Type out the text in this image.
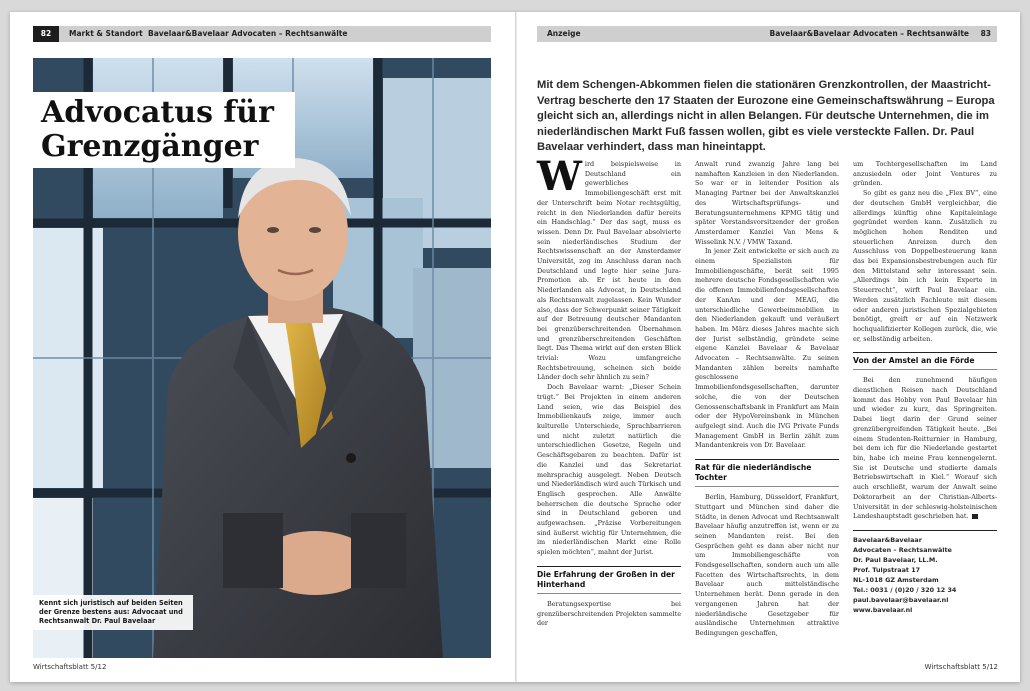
82	Markt & Standort Bavelaar&Bavelaar Advocaten – Rechtsanwälte
Advocatus für
Grenzgänger
Kennt sich juristisch auf beiden Seiten der Grenze bestens aus: Advocaat und Rechtsanwalt Dr. Paul Bavelaar
Wirtschaftsblatt 5/12
Anzeige	Bavelaar&Bavelaar Advocaten – Rechtsanwälte 83
Mit dem Schengen-Abkommen fielen die stationären Grenzkontrollen, der Maastricht-Vertrag bescherte den 17 Staaten der Eurozone eine Gemeinschaftswährung – Europa gleicht sich an, allerdings nicht in allen Belangen. Für deutsche Unternehmen, die im niederländischen Markt Fuß fassen wollen, gibt es viele versteckte Fallen. Dr. Paul Bavelaar verhindert, dass man hineintappt.

Wird beispielsweise in Deutschland ein gewerbliches Immobiliengeschäft erst mit der Unterschrift beim Notar rechtsgültig, reicht in den Niederlanden dafür bereits ein Handschlag.“ Der das sagt, muss es wissen. Denn Dr. Paul Bavelaar absolvierte sein niederländisches Studium der Rechtswissenschaft an der Amsterdamer Universität, zog im Anschluss daran nach Deutschland und legte hier seine Jura-Promotion ab. Er ist heute in den Niederlanden als Advocat, in Deutschland als Rechtsanwalt zugelassen. Kein Wunder also, dass der Schwerpunkt seiner Tätigkeit auf der Betreuung deutscher Mandanten bei grenzüberschreitenden Übernahmen und grenzüberschreitenden Geschäften liegt. Das Thema wirkt auf den ersten Blick trivial: Wozu umfangreiche Rechtsbetreuung, scheinen sich beide Länder doch sehr ähnlich zu sein?

Doch Bavelaar warnt: „Dieser Schein trügt.“ Bei Projekten in einem anderen Land seien, wie das Beispiel des Immobilienkaufs zeige, immer auch kulturelle Unterschiede, Sprachbarrieren und nicht zuletzt natürlich die unterschiedlichen Gesetze, Regeln und Geschäftsgebaren zu beachten. Dafür ist die Kanzlei und das Sekretariat mehrsprachig ausgelegt. Neben Deutsch und Niederländisch wird auch Türkisch und Englisch gesprochen. Alle Anwälte beherrschen die deutsche Sprache oder sind in Deutschland geboren und aufgewachsen. „Präzise Vorbereitungen sind äußerst wichtig für Unternehmen, die im niederländischen Markt eine Rolle spielen möchten“, mahnt der Jurist.

Die Erfahrung der Großen in der Hinterhand

Beratungsexpertise bei grenzüberschreitenden Projekten sammelte der

Anwalt rund zwanzig Jahre lang bei namhaften Kanzleien in den Niederlanden. So war er in leitender Position als Managing Partner bei der Anwaltskanzlei des Wirtschaftsprüfungs- und Beratungsunternehmens KPMG tätig und später Vorstandsvorsitzender der großen Amsterdamer Kanzlei Van Mens & Wisselink N.V. / VMW Taxand.

In jener Zeit entwickelte er sich auch zu einem Spezialisten für Immobiliengeschäfte, berät seit 1995 mehrere deutsche Fondsgesellschaften wie die offenen Immobilienfondsgesellschaften der KanAm und der MEAG, die unterschiedliche Gewerbeimmobilien in den Niederlanden gekauft und veräußert haben. Im März dieses Jahres machte sich der Jurist selbständig, gründete seine eigene Kanzlei Bavelaar & Bavelaar Advocaten – Rechtsanwälte. Zu seinen Mandanten zählen bereits namhafte geschlossene Immobilienfondsgesellschaften, darunter solche, die von der Deutschen Genossenschaftsbank in Frankfurt am Main oder der HypoVereinsbank in München aufgelegt sind. Auch die IVG Private Funds Management GmbH in Berlin zählt zum Mandantenkreis von Dr. Bavelaar.

Rat für die niederländische Tochter

Berlin, Hamburg, Düsseldorf, Frankfurt, Stuttgart und München sind daher die Städte, in denen Advocat und Rechtsanwalt Bavelaar häufig anzutreffen ist, wenn er zu seinen Mandanten reist. Bei den Gesprächen geht es dann aber nicht nur um Immobiliengeschäfte von Fondsgesellschaften, sondern auch um alle Facetten des Wirtschaftsrechts, in dem Bavelaar auch mittelständische Unternehmen berät. Denn gerade in den vergangenen Jahren hat der niederländische Gesetzgeber für ausländische Unternehmen attraktive Bedingungen geschaffen,

um Tochtergesellschaften im Land anzusiedeln oder Joint Ventures zu gründen.

So gibt es ganz neu die „Flex BV“, eine der deutschen GmbH vergleichbar, die allerdings künftig ohne Kapitaleinlage gegründet werden kann. Zusätzlich zu möglichen hohen Renditen und steuerlichen Anreizen durch den Ausschluss von Doppelbesteuerung kann das bei Expansionsbestrebungen auch für den Mittelstand sehr interessant sein. „Allerdings bin ich kein Experte in Steuerrecht“, wirft Paul Bavelaar ein. Werden zusätzlich Fachleute mit diesem oder anderen juristischen Spezialgebieten benötigt, greift er auf ein Netzwerk hochqualifizierter Kollegen zurück, die, wie er, selbständig arbeiten.

Von der Amstel an die Förde

Bei den zunehmend häufigen dienstlichen Reisen nach Deutschland kommt das Hobby von Paul Bavelaar hin und wieder zu kurz, das Springreiten. Dabei liegt darin der Grund seiner grenzübergreifenden Tätigkeit heute. „Bei einem Studenten-Reitturnier in Hamburg, bei dem ich für die Niederlande gestartet bin, habe ich meine Frau kennengelernt. Sie ist Deutsche und studierte damals Betriebswirtschaft in Kiel.“ Worauf sich auch erschließt, warum der Anwalt seine Doktorarbeit an der Christian-Alberts-Universität in der schleswig-holsteinischen Landeshauptstadt geschrieben hat.

Bavelaar&Bavelaar
Advocaten – Rechtsanwälte
Dr. Paul Bavelaar, LL.M.
Prof. Tulpstraat 17
NL-1018 GZ Amsterdam
Tel.: 0031 / (0)20 / 320 12 34
paul.bavelaar@bavelaar.nl
www.bavelaar.nl
Wirtschaftsblatt 5/12
